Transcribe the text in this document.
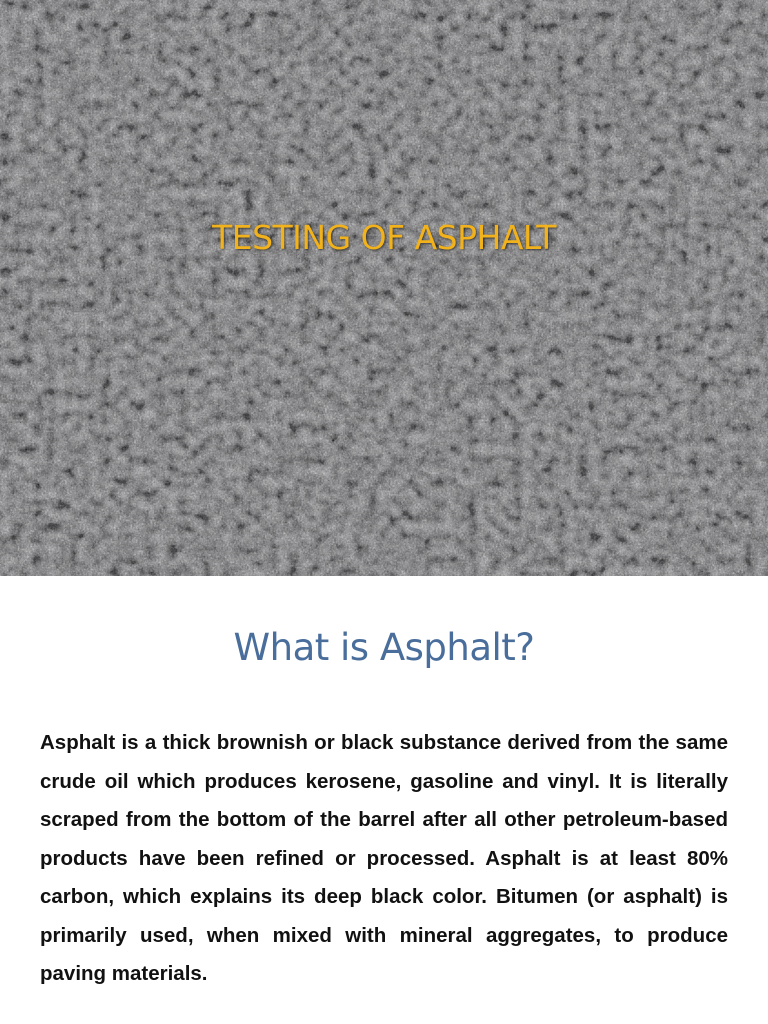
TESTING OF ASPHALT
What is Asphalt?

Asphalt is a thick brownish or black substance derived from the same crude oil which produces kerosene, gasoline and vinyl. It is literally scraped from the bottom of the barrel after all other petroleum-based products have been refined or processed. Asphalt is at least 80% carbon, which explains its deep black color. Bitumen (or asphalt) is primarily used, when mixed with mineral aggregates, to produce paving materials.
